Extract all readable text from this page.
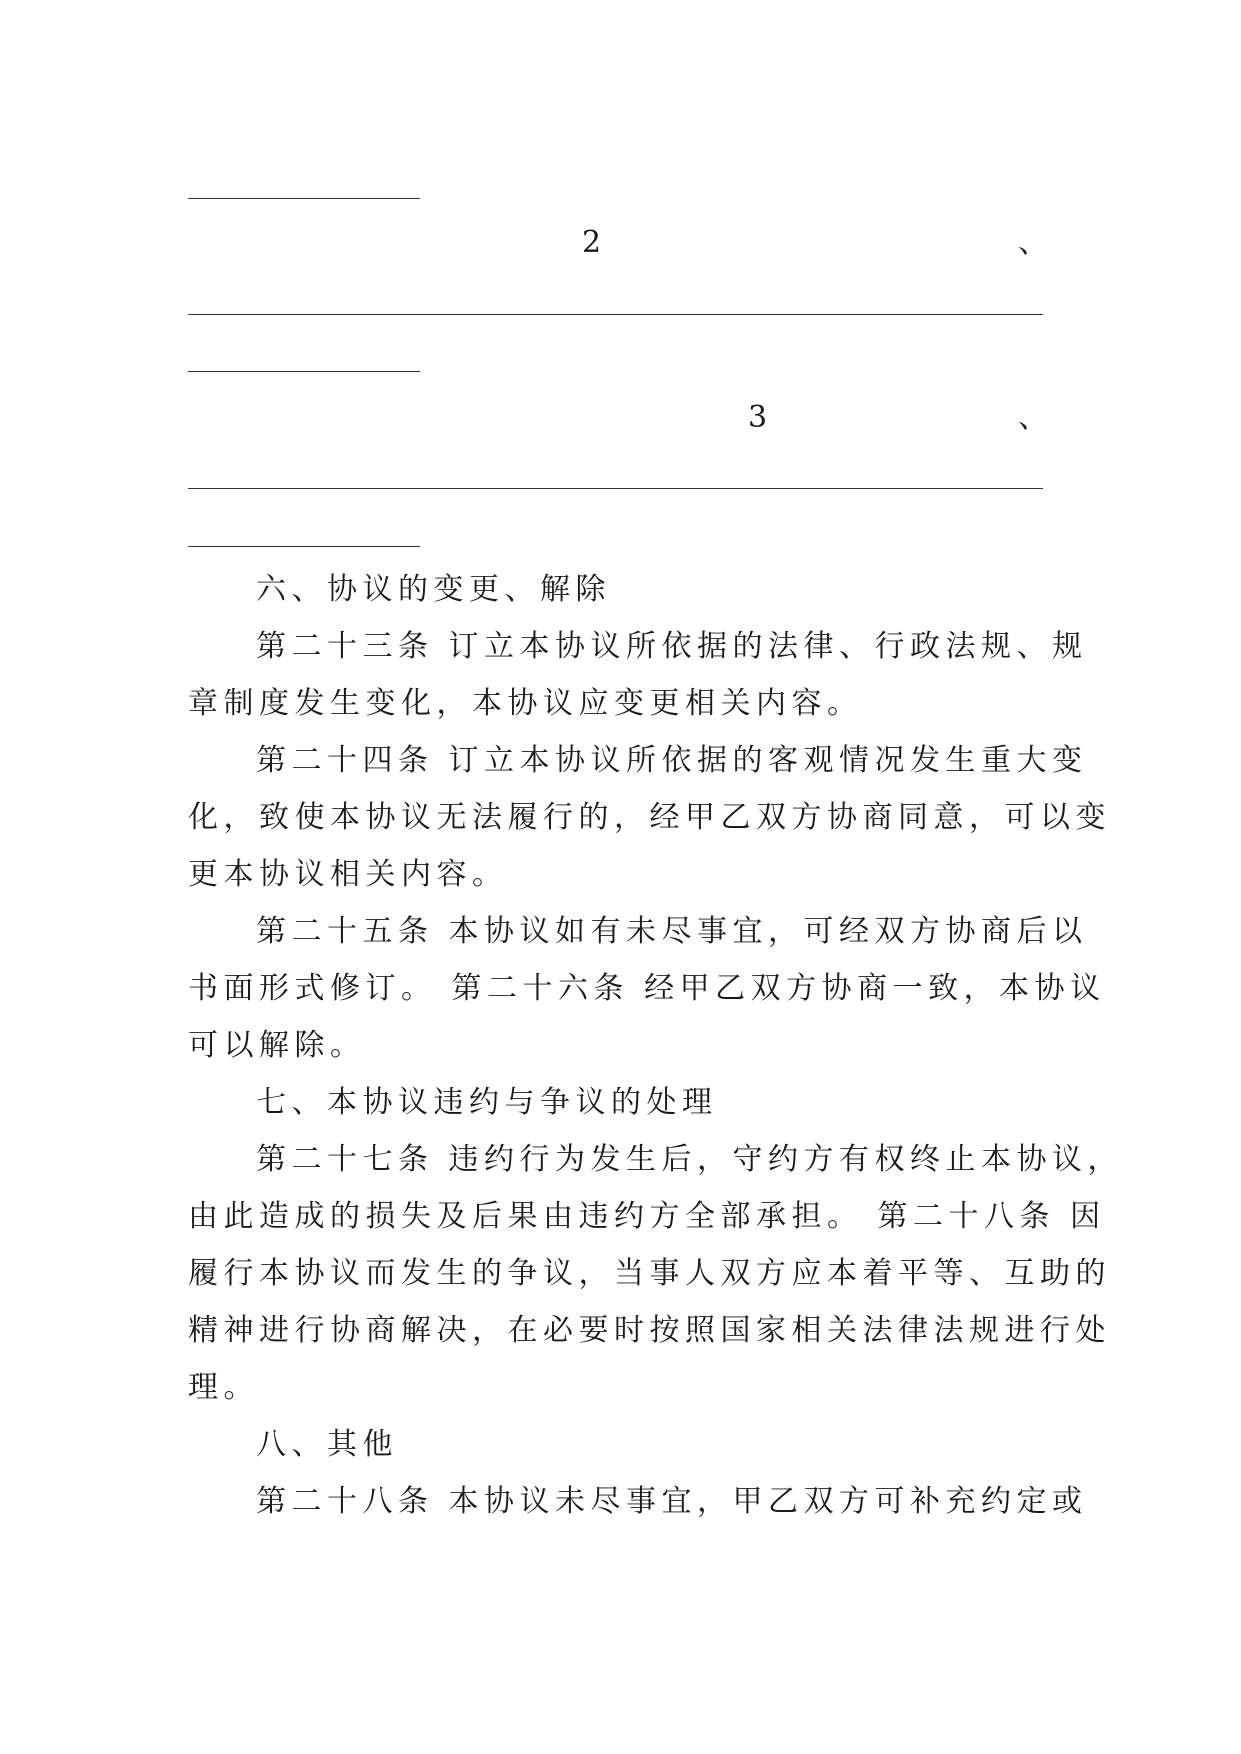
2	、
3	、
六、协议的变更、解除
第二十三条 订立本协议所依据的法律、行政法规、规
章制度发生变化，本协议应变更相关内容。
第二十四条 订立本协议所依据的客观情况发生重大变
化，致使本协议无法履行的，经甲乙双方协商同意，可以变
更本协议相关内容。
第二十五条 本协议如有未尽事宜，可经双方协商后以
书面形式修订。 第二十六条 经甲乙双方协商一致，本协议
可以解除。
七、本协议违约与争议的处理
第二十七条 违约行为发生后，守约方有权终止本协议，
由此造成的损失及后果由违约方全部承担。 第二十八条 因
履行本协议而发生的争议，当事人双方应本着平等、互助的
精神进行协商解决，在必要时按照国家相关法律法规进行处
理。
八、其他
第二十八条 本协议未尽事宜，甲乙双方可补充约定或
